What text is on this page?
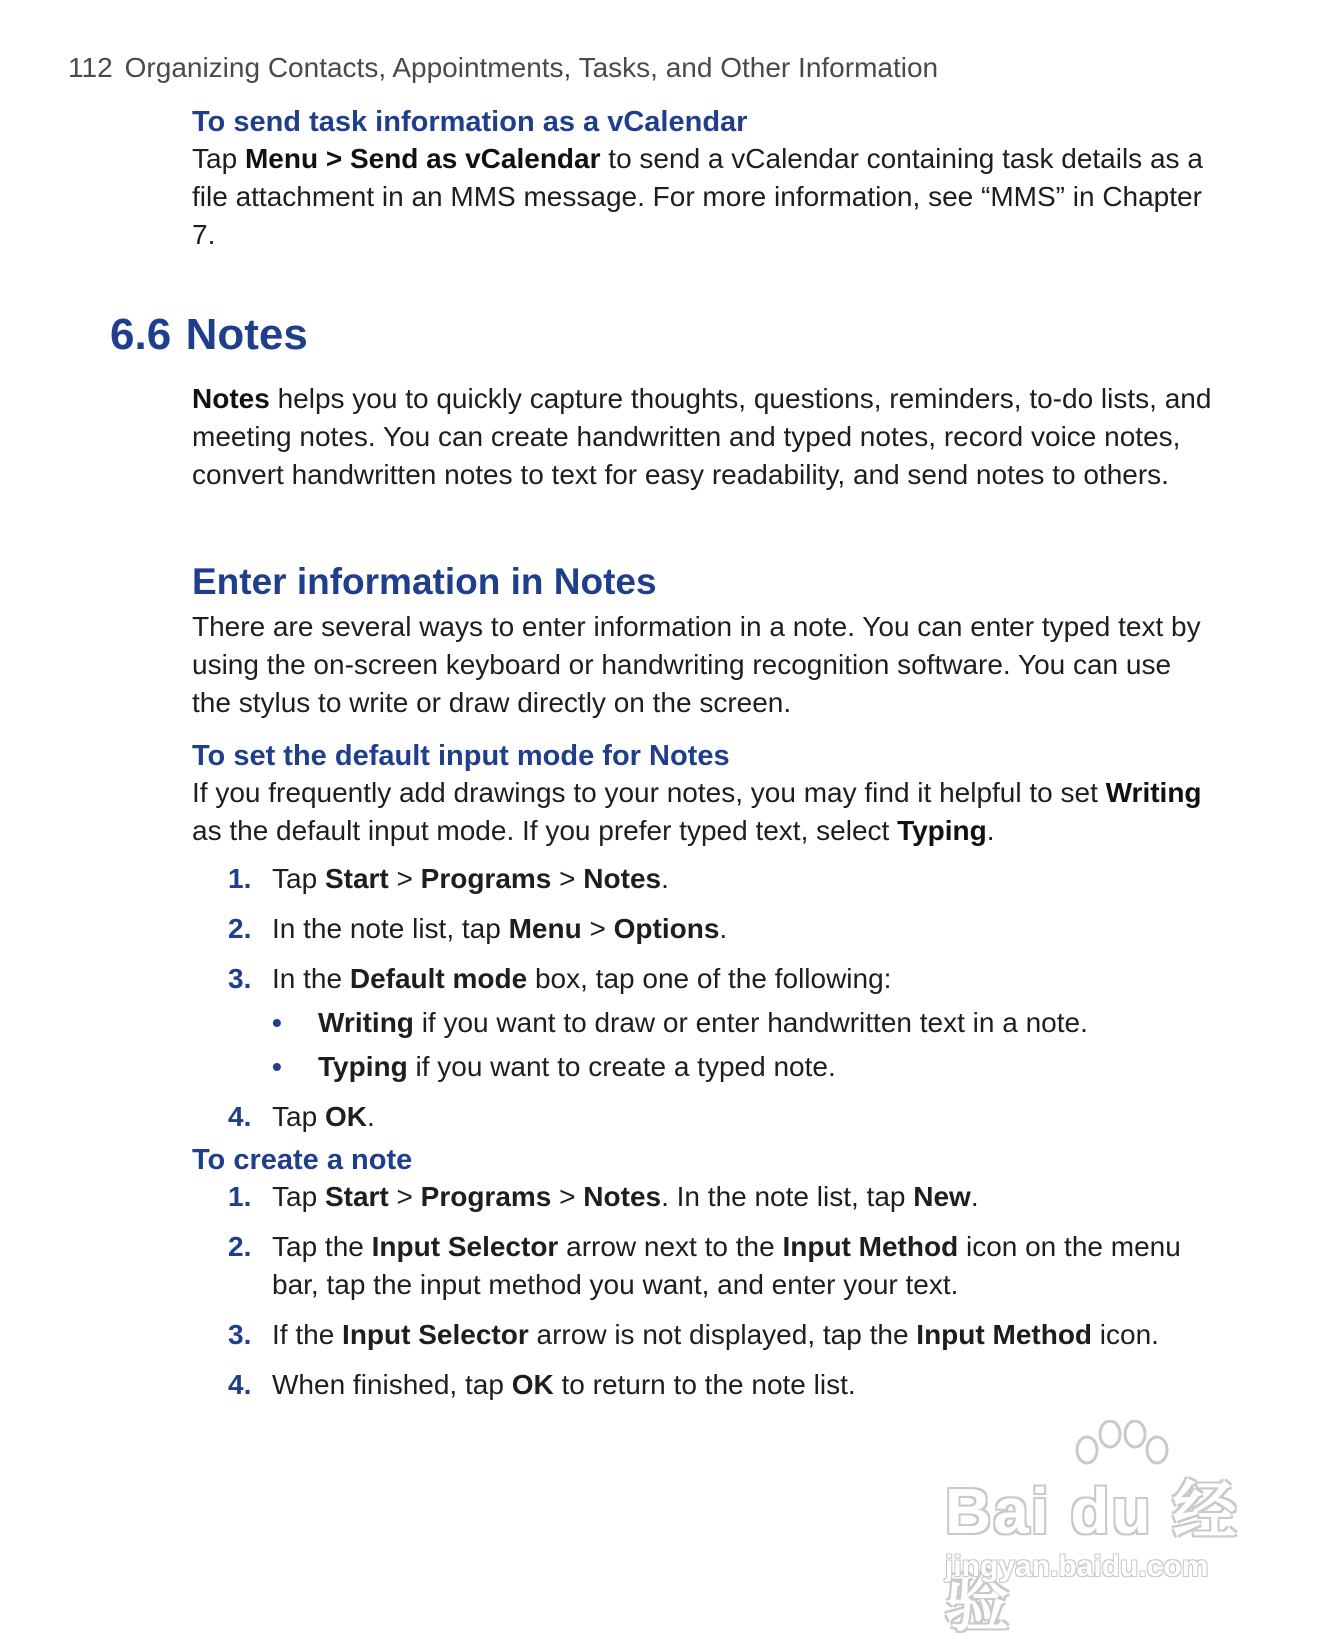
112 Organizing Contacts, Appointments, Tasks, and Other Information

To send task information as a vCalendar

Tap Menu > Send as vCalendar to send a vCalendar containing task details as a file attachment in an MMS message. For more information, see “MMS” in Chapter 7.

6.6 Notes

Notes helps you to quickly capture thoughts, questions, reminders, to-do lists, and meeting notes. You can create handwritten and typed notes, record voice notes, convert handwritten notes to text for easy readability, and send notes to others.

Enter information in Notes

There are several ways to enter information in a note. You can enter typed text by using the on-screen keyboard or handwriting recognition software. You can use the stylus to write or draw directly on the screen.

To set the default input mode for Notes

If you frequently add drawings to your notes, you may find it helpful to set Writing as the default input mode. If you prefer typed text, select Typing.

1. Tap Start > Programs > Notes.
2. In the note list, tap Menu > Options.
3. In the Default mode box, tap one of the following:
• Writing if you want to draw or enter handwritten text in a note.
• Typing if you want to create a typed note.
4. Tap OK.

To create a note

1. Tap Start > Programs > Notes. In the note list, tap New.
2. Tap the Input Selector arrow next to the Input Method icon on the menu bar, tap the input method you want, and enter your text.
3. If the Input Selector arrow is not displayed, tap the Input Method icon.
4. When finished, tap OK to return to the note list.
Bai du 经验
jingyan.baidu.com
